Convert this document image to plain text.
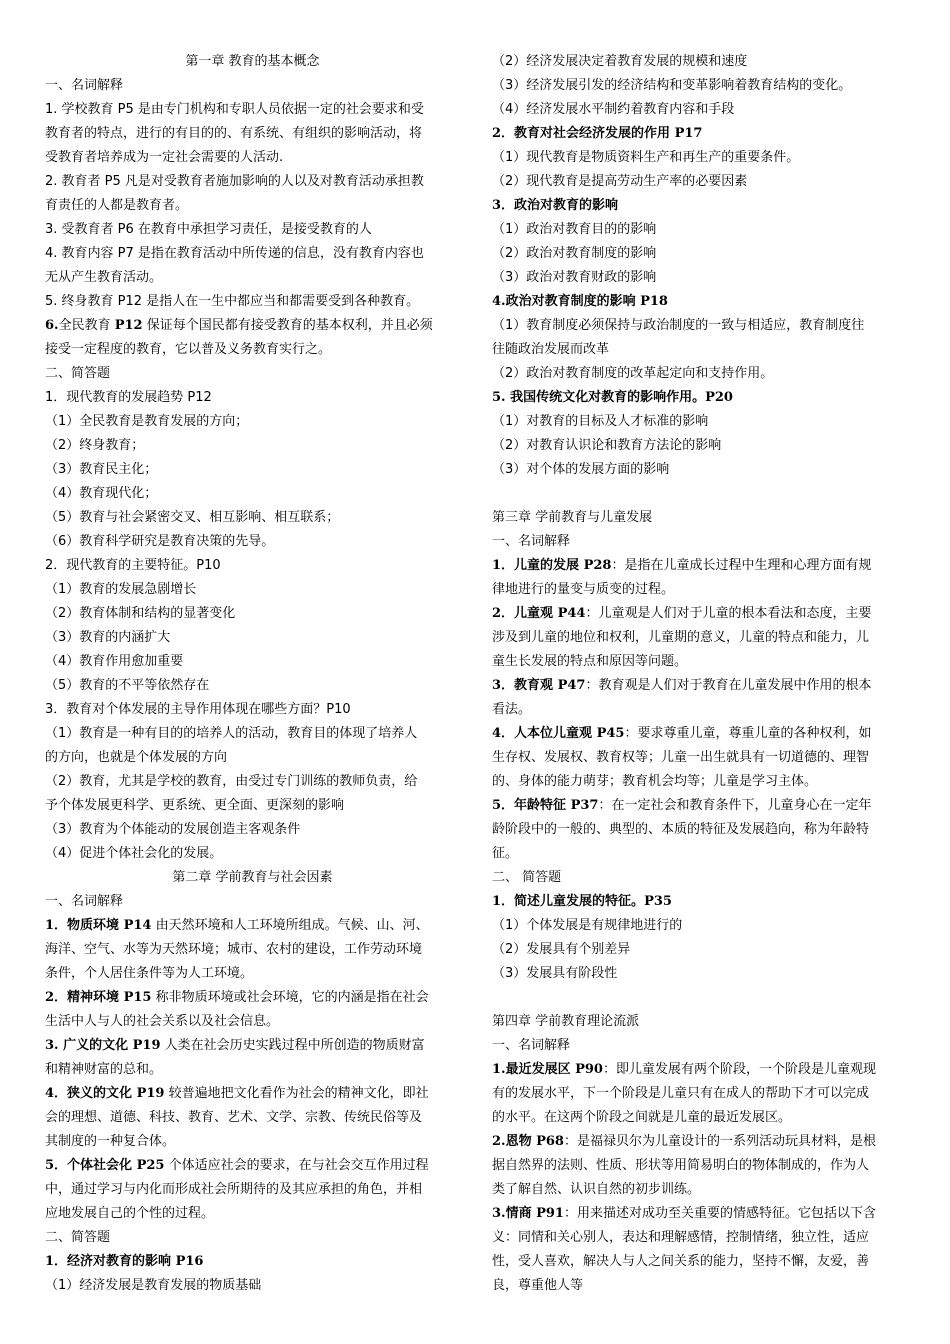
第一章 教育的基本概念
一、名词解释
1. 学校教育 P5 是由专门机构和专职人员依据一定的社会要求和受
教育者的特点，进行的有目的的、有系统、有组织的影响活动，将
受教育者培养成为一定社会需要的人活动.
2. 教育者 P5 凡是对受教育者施加影响的人以及对教育活动承担教
育责任的人都是教育者。
3. 受教育者 P6 在教育中承担学习责任，是接受教育的人
4. 教育内容 P7 是指在教育活动中所传递的信息，没有教育内容也
无从产生教育活动。
5. 终身教育 P12 是指人在一生中都应当和都需要受到各种教育。
6.全民教育 P12 保证每个国民都有接受教育的基本权利，并且必须
接受一定程度的教育，它以普及义务教育实行之。
二、简答题
1．现代教育的发展趋势 P12
（1）全民教育是教育发展的方向；
（2）终身教育；
（3）教育民主化；
（4）教育现代化；
（5）教育与社会紧密交叉、相互影响、相互联系；
（6）教育科学研究是教育决策的先导。
2．现代教育的主要特征。P10
（1）教育的发展急剧增长
（2）教育体制和结构的显著变化
（3）教育的内涵扩大
（4）教育作用愈加重要
（5）教育的不平等依然存在
3．教育对个体发展的主导作用体现在哪些方面？P10
（1）教育是一种有目的的培养人的活动，教育目的体现了培养人
的方向，也就是个体发展的方向
（2）教育，尤其是学校的教育，由受过专门训练的教师负责，给
予个体发展更科学、更系统、更全面、更深刻的影响
（3）教育为个体能动的发展创造主客观条件
（4）促进个体社会化的发展。
第二章 学前教育与社会因素
一、名词解释
1．物质环境 P14 由天然环境和人工环境所组成。气候、山、河、
海洋、空气、水等为天然环境；城市、农村的建设，工作劳动环境
条件，个人居住条件等为人工环境。
2．精神环境 P15 称非物质环境或社会环境，它的内涵是指在社会
生活中人与人的社会关系以及社会信息。
3. 广义的文化 P19 人类在社会历史实践过程中所创造的物质财富
和精神财富的总和。
4．狭义的文化 P19 较普遍地把文化看作为社会的精神文化，即社
会的理想、道德、科技、教育、艺术、文学、宗教、传统民俗等及
其制度的一种复合体。
5．个体社会化 P25 个体适应社会的要求，在与社会交互作用过程
中，通过学习与内化而形成社会所期待的及其应承担的角色，并相
应地发展自己的个性的过程。
二、简答题
1．经济对教育的影响 P16
（1）经济发展是教育发展的物质基础
（2）经济发展决定着教育发展的规模和速度
（3）经济发展引发的经济结构和变革影响着教育结构的变化。
（4）经济发展水平制约着教育内容和手段
2．教育对社会经济发展的作用 P17
（1）现代教育是物质资料生产和再生产的重要条件。
（2）现代教育是提高劳动生产率的必要因素
3．政治对教育的影响
（1）政治对教育目的的影响
（2）政治对教育制度的影响
（3）政治对教育财政的影响
4.政治对教育制度的影响 P18
（1）教育制度必须保持与政治制度的一致与相适应，教育制度往
往随政治发展而改革
（2）政治对教育制度的改革起定向和支持作用。
5. 我国传统文化对教育的影响作用。P20
（1）对教育的目标及人才标准的影响
（2）对教育认识论和教育方法论的影响
（3）对个体的发展方面的影响
第三章 学前教育与儿童发展
一、名词解释
1．儿童的发展 P28：是指在儿童成长过程中生理和心理方面有规
律地进行的量变与质变的过程。
2．儿童观 P44：儿童观是人们对于儿童的根本看法和态度，主要
涉及到儿童的地位和权利，儿童期的意义，儿童的特点和能力，儿
童生长发展的特点和原因等问题。
3．教育观 P47：教育观是人们对于教育在儿童发展中作用的根本
看法。
4．人本位儿童观 P45：要求尊重儿童，尊重儿童的各种权利，如
生存权、发展权、教育权等；儿童一出生就具有一切道德的、理智
的、身体的能力萌芽；教育机会均等；儿童是学习主体。
5．年龄特征 P37：在一定社会和教育条件下，儿童身心在一定年
龄阶段中的一般的、典型的、本质的特征及发展趋向，称为年龄特
征。
二、 简答题
1．简述儿童发展的特征。P35
（1）个体发展是有规律地进行的
（2）发展具有个别差异
（3）发展具有阶段性
第四章 学前教育理论流派
一、名词解释
1.最近发展区 P90：即儿童发展有两个阶段，一个阶段是儿童观现
有的发展水平，下一个阶段是儿童只有在成人的帮助下才可以完成
的水平。在这两个阶段之间就是儿童的最近发展区。
2.恩物 P68：是福禄贝尔为儿童设计的一系列活动玩具材料，是根
据自然界的法则、性质、形状等用简易明白的物体制成的，作为人
类了解自然、认识自然的初步训练。
3.情商 P91：用来描述对成功至关重要的情感特征。它包括以下含
义：同情和关心别人，表达和理解感情，控制情绪，独立性，适应
性，受人喜欢，解决人与人之间关系的能力，坚持不懈，友爱，善
良，尊重他人等
